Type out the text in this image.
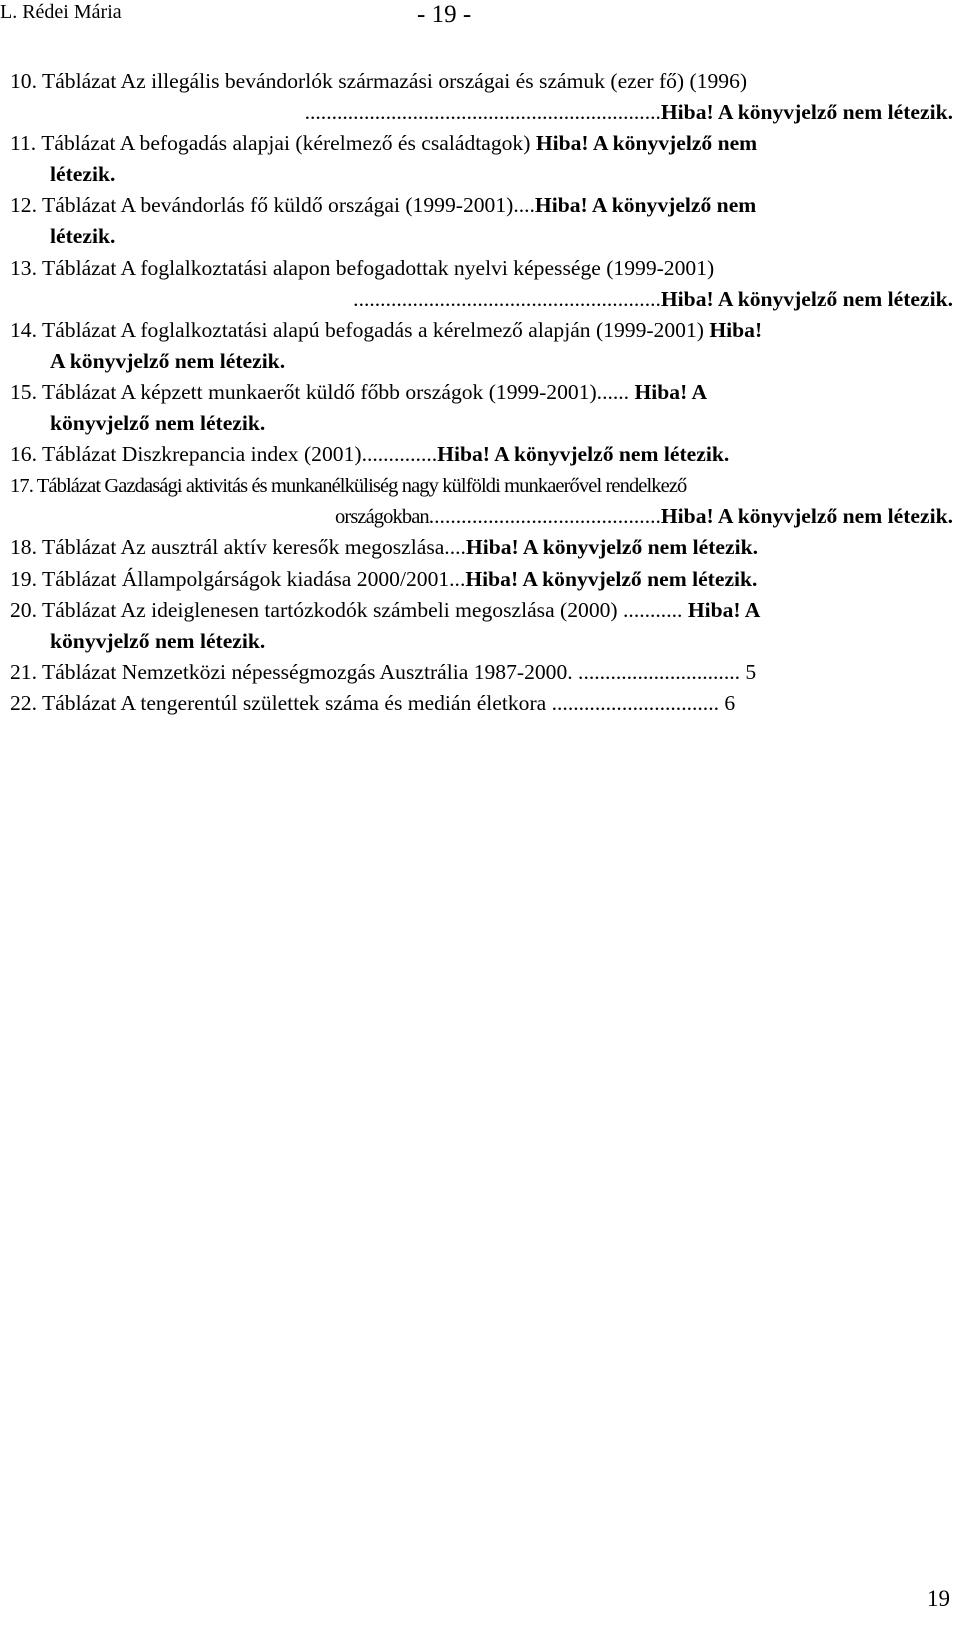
L. Rédei Mária	- 19 -
10. Táblázat Az illegális bevándorlók származási országai és számuk (ezer fő) (1996)
..................................................................Hiba! A könyvjelző nem létezik.
11. Táblázat A befogadás alapjai (kérelmező és családtagok) Hiba! A könyvjelző nem
létezik.
12. Táblázat A bevándorlás fő küldő országai (1999-2001)....Hiba! A könyvjelző nem
létezik.
13. Táblázat A foglalkoztatási alapon befogadottak nyelvi képessége (1999-2001)
.........................................................Hiba! A könyvjelző nem létezik.
14. Táblázat A foglalkoztatási alapú befogadás a kérelmező alapján (1999-2001) Hiba!
A könyvjelző nem létezik.
15. Táblázat A képzett munkaerőt küldő főbb országok (1999-2001)...... Hiba! A
könyvjelző nem létezik.
16. Táblázat Diszkrepancia index (2001)..............Hiba! A könyvjelző nem létezik.
17. Táblázat Gazdasági aktivitás és munkanélküliség nagy külföldi munkaerővel rendelkező
országokban...........................................Hiba! A könyvjelző nem létezik.
18. Táblázat Az ausztrál aktív keresők megoszlása....Hiba! A könyvjelző nem létezik.
19. Táblázat Állampolgárságok kiadása 2000/2001...Hiba! A könyvjelző nem létezik.
20. Táblázat Az ideiglenesen tartózkodók számbeli megoszlása (2000) ........... Hiba! A
könyvjelző nem létezik.
21. Táblázat Nemzetközi népességmozgás Ausztrália 1987-2000. .............................. 5
22. Táblázat A tengerentúl születtek száma és medián életkora ............................... 6
19
